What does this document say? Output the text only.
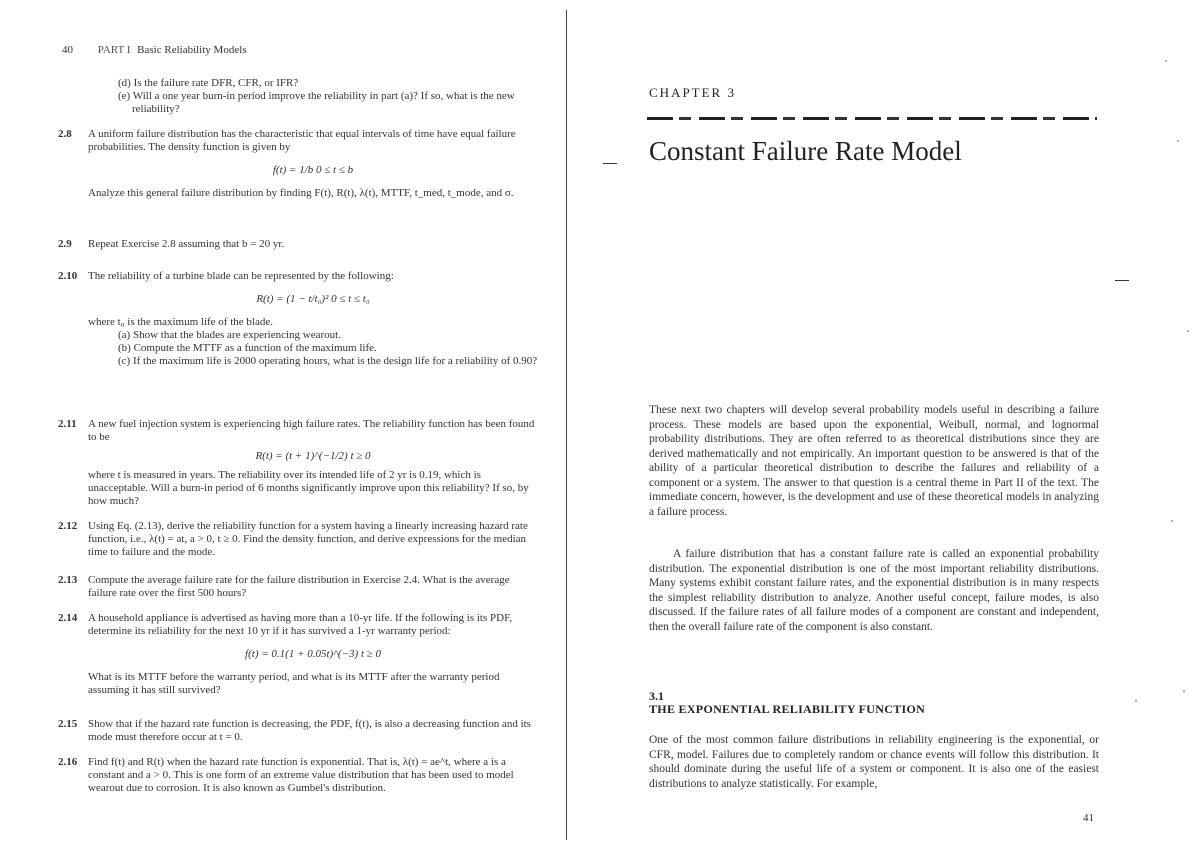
40 PART I Basic Reliability Models
(d) Is the failure rate DFR, CFR, or IFR?
(e) Will a one year burn-in period improve the reliability in part (a)? If so, what is the new reliability?
2.8 A uniform failure distribution has the characteristic that equal intervals of time have equal failure probabilities. The density function is given by
f(t) = 1/b 0 ≤ t ≤ b
Analyze this general failure distribution by finding F(t), R(t), λ(t), MTTF, t_med, t_mode, and σ.
2.9 Repeat Exercise 2.8 assuming that b = 20 yr.
2.10 The reliability of a turbine blade can be represented by the following:
R(t) = (1 − t/t₀)² 0 ≤ t ≤ t₀
where t₀ is the maximum life of the blade.
(a) Show that the blades are experiencing wearout.
(b) Compute the MTTF as a function of the maximum life.
(c) If the maximum life is 2000 operating hours, what is the design life for a reliability of 0.90?
2.11 A new fuel injection system is experiencing high failure rates. The reliability function has been found to be
R(t) = (t + 1)^(−1/2) t ≥ 0
where t is measured in years. The reliability over its intended life of 2 yr is 0.19, which is unacceptable. Will a burn-in period of 6 months significantly improve upon this reliability? If so, by how much?
2.12 Using Eq. (2.13), derive the reliability function for a system having a linearly increasing hazard rate function, i.e., λ(t) = at, a > 0, t ≥ 0. Find the density function, and derive expressions for the median time to failure and the mode.
2.13 Compute the average failure rate for the failure distribution in Exercise 2.4. What is the average failure rate over the first 500 hours?
2.14 A household appliance is advertised as having more than a 10-yr life. If the following is its PDF, determine its reliability for the next 10 yr if it has survived a 1-yr warranty period:
f(t) = 0.1(1 + 0.05t)^(−3) t ≥ 0
What is its MTTF before the warranty period, and what is its MTTF after the warranty period assuming it has still survived?
2.15 Show that if the hazard rate function is decreasing, the PDF, f(t), is also a decreasing function and its mode must therefore occur at t = 0.
2.16 Find f(t) and R(t) when the hazard rate function is exponential. That is, λ(t) = ae^t, where a is a constant and a > 0. This is one form of an extreme value distribution that has been used to model wearout due to corrosion. It is also known as Gumbel's distribution.
CHAPTER 3
Constant Failure Rate Model
These next two chapters will develop several probability models useful in describing a failure process. These models are based upon the exponential, Weibull, normal, and lognormal probability distributions. They are often referred to as theoretical distributions since they are derived mathematically and not empirically. An important question to be answered is that of the ability of a particular theoretical distribution to describe the failures and reliability of a component or a system. The answer to that question is a central theme in Part II of the text. The immediate concern, however, is the development and use of these theoretical models in analyzing a failure process.
A failure distribution that has a constant failure rate is called an exponential probability distribution. The exponential distribution is one of the most important reliability distributions. Many systems exhibit constant failure rates, and the exponential distribution is in many respects the simplest reliability distribution to analyze. Another useful concept, failure modes, is also discussed. If the failure rates of all failure modes of a component are constant and independent, then the overall failure rate of the component is also constant.
3.1
THE EXPONENTIAL RELIABILITY FUNCTION
One of the most common failure distributions in reliability engineering is the exponential, or CFR, model. Failures due to completely random or chance events will follow this distribution. It should dominate during the useful life of a system or component. It is also one of the easiest distributions to analyze statistically. For example,
41
